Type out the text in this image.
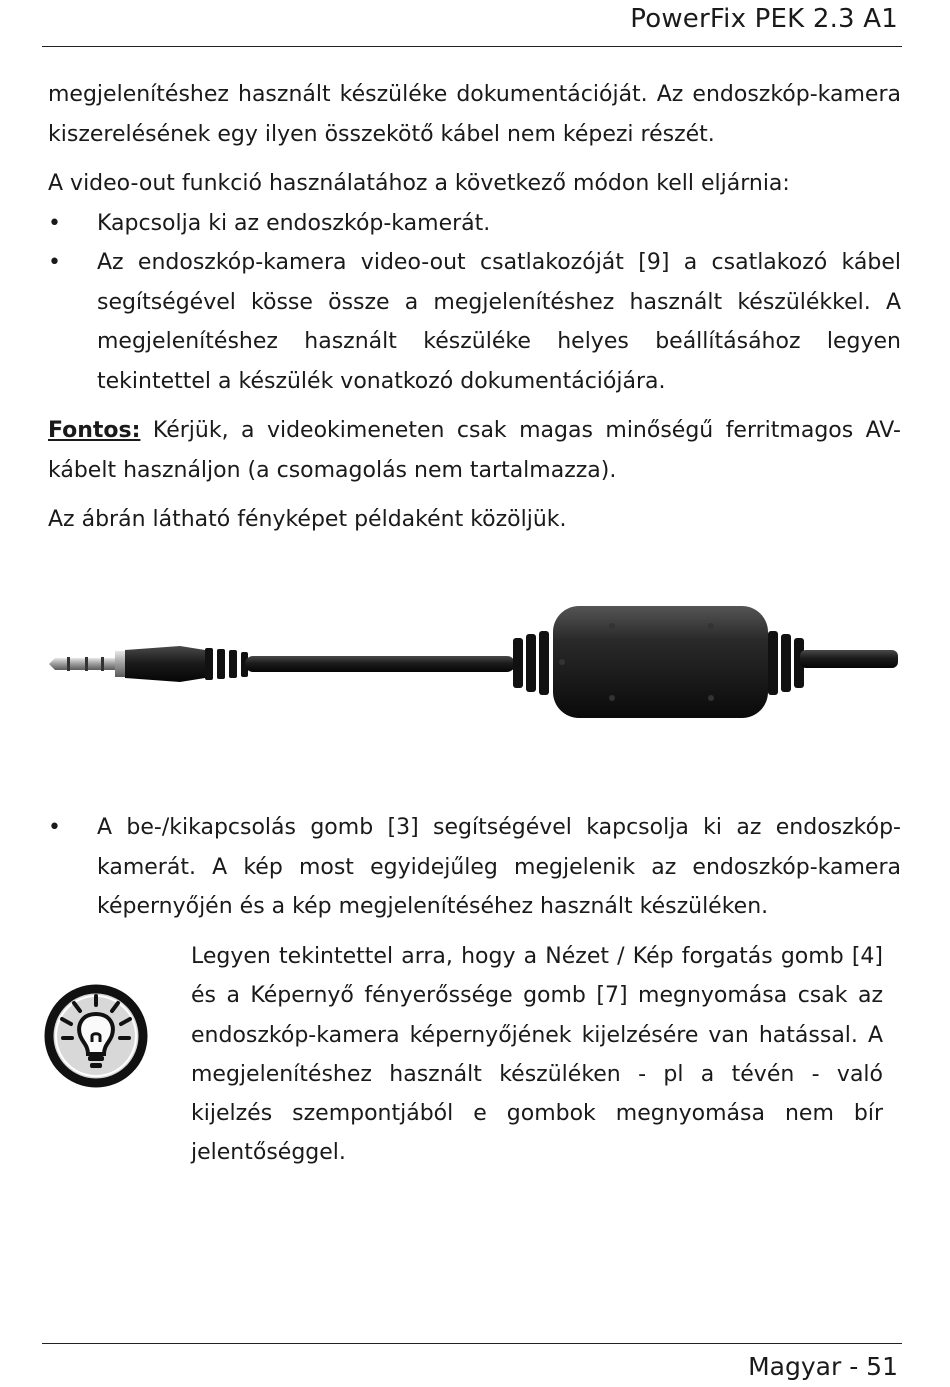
PowerFix PEK 2.3 A1

megjelenítéshez használt készüléke dokumentációját. Az endoszkóp-kamera kiszerelésének egy ilyen összekötő kábel nem képezi részét.

A video-out funkció használatához a következő módon kell eljárnia:

•	Kapcsolja ki az endoszkóp-kamerát.

•	Az endoszkóp-kamera video-out csatlakozóját [9] a csatlakozó kábel segítségével kösse össze a megjelenítéshez használt készülékkel. A megjelenítéshez használt készüléke helyes beállításához legyen tekintettel a készülék vonatkozó dokumentációjára.

Fontos: Kérjük, a videokimeneten csak magas minőségű ferritmagos AV-kábelt használjon (a csomagolás nem tartalmazza).

Az ábrán látható fényképet példaként közöljük.

•	A be-/kikapcsolás gomb [3] segítségével kapcsolja ki az endoszkóp-kamerát. A kép most egyidejűleg megjelenik az endoszkóp-kamera képernyőjén és a kép megjelenítéséhez használt készüléken.

Legyen tekintettel arra, hogy a Nézet / Kép forgatás gomb [4] és a Képernyő fényerőssége gomb [7] megnyomása csak az endoszkóp-kamera képernyőjének kijelzésére van hatással. A megjelenítéshez használt készüléken - pl a tévén - való kijelzés szempontjából e gombok megnyomása nem bír jelentőséggel.

Magyar - 51
